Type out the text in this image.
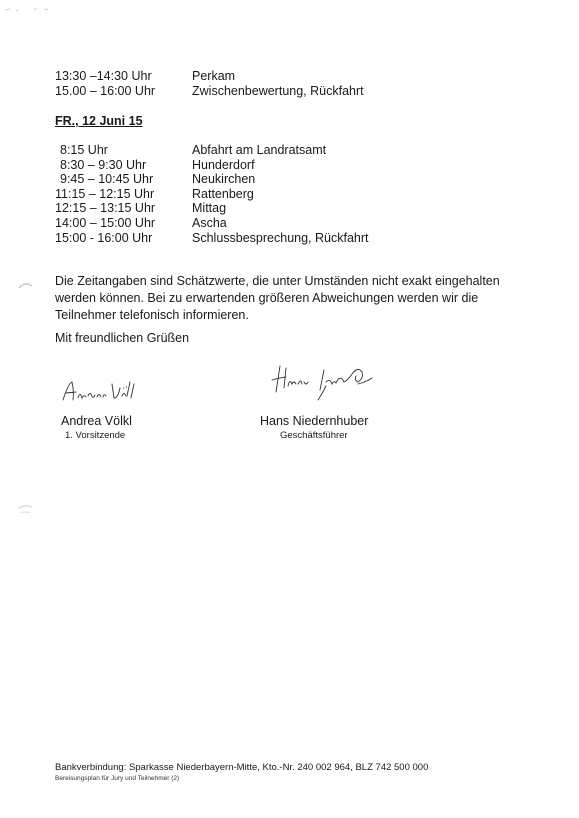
13:30 –14:30 Uhr	Perkam
15.00 – 16:00 Uhr	Zwischenbewertung, Rückfahrt
FR., 12 Juni 15
8:15 Uhr	Abfahrt am Landratsamt
8:30 – 9:30 Uhr	Hunderdorf
9:45 – 10:45 Uhr	Neukirchen
11:15 – 12:15 Uhr	Rattenberg
12:15 – 13:15 Uhr	Mittag
14:00 – 15:00 Uhr	Ascha
15:00 - 16:00 Uhr	Schlussbesprechung, Rückfahrt
Die Zeitangaben sind Schätzwerte, die unter Umständen nicht exakt eingehalten
werden können. Bei zu erwartenden größeren Abweichungen werden wir die
Teilnehmer telefonisch informieren.
Mit freundlichen Grüßen
Andrea Völkl
1. Vorsitzende
Hans Niedernhuber
Geschäftsführer
Bankverbindung: Sparkasse Niederbayern-Mitte, Kto.-Nr. 240 002 964, BLZ 742 500 000
Bereisungsplan für Jury und Teilnehmer (2)
